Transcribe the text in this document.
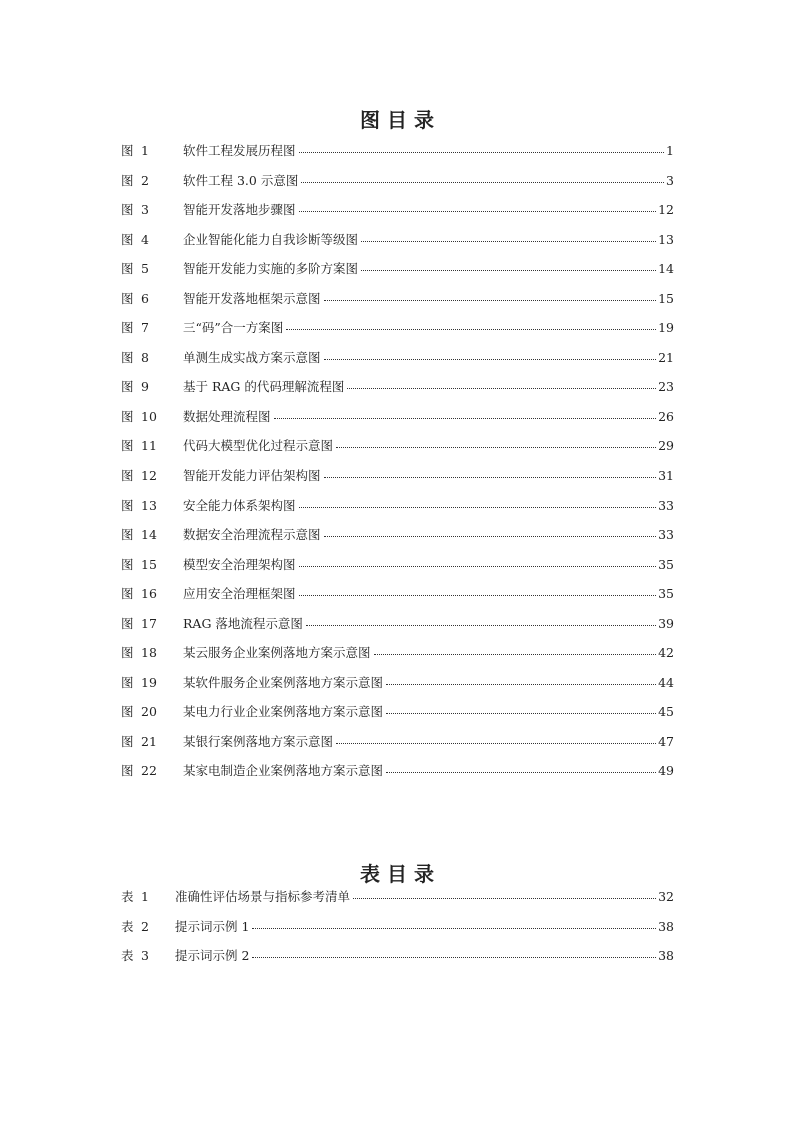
图 目 录
图 1	软件工程发展历程图	1
图 2	软件工程 3.0 示意图	3
图 3	智能开发落地步骤图	12
图 4	企业智能化能力自我诊断等级图	13
图 5	智能开发能力实施的多阶方案图	14
图 6	智能开发落地框架示意图	15
图 7	三“码”合一方案图	19
图 8	单测生成实战方案示意图	21
图 9	基于 RAG 的代码理解流程图	23
图 10	数据处理流程图	26
图 11	代码大模型优化过程示意图	29
图 12	智能开发能力评估架构图	31
图 13	安全能力体系架构图	33
图 14	数据安全治理流程示意图	33
图 15	模型安全治理架构图	35
图 16	应用安全治理框架图	35
图 17	RAG 落地流程示意图	39
图 18	某云服务企业案例落地方案示意图	42
图 19	某软件服务企业案例落地方案示意图	44
图 20	某电力行业企业案例落地方案示意图	45
图 21	某银行案例落地方案示意图	47
图 22	某家电制造企业案例落地方案示意图	49
表 目 录
表 1	准确性评估场景与指标参考清单	32
表 2	提示词示例 1	38
表 3	提示词示例 2	38
